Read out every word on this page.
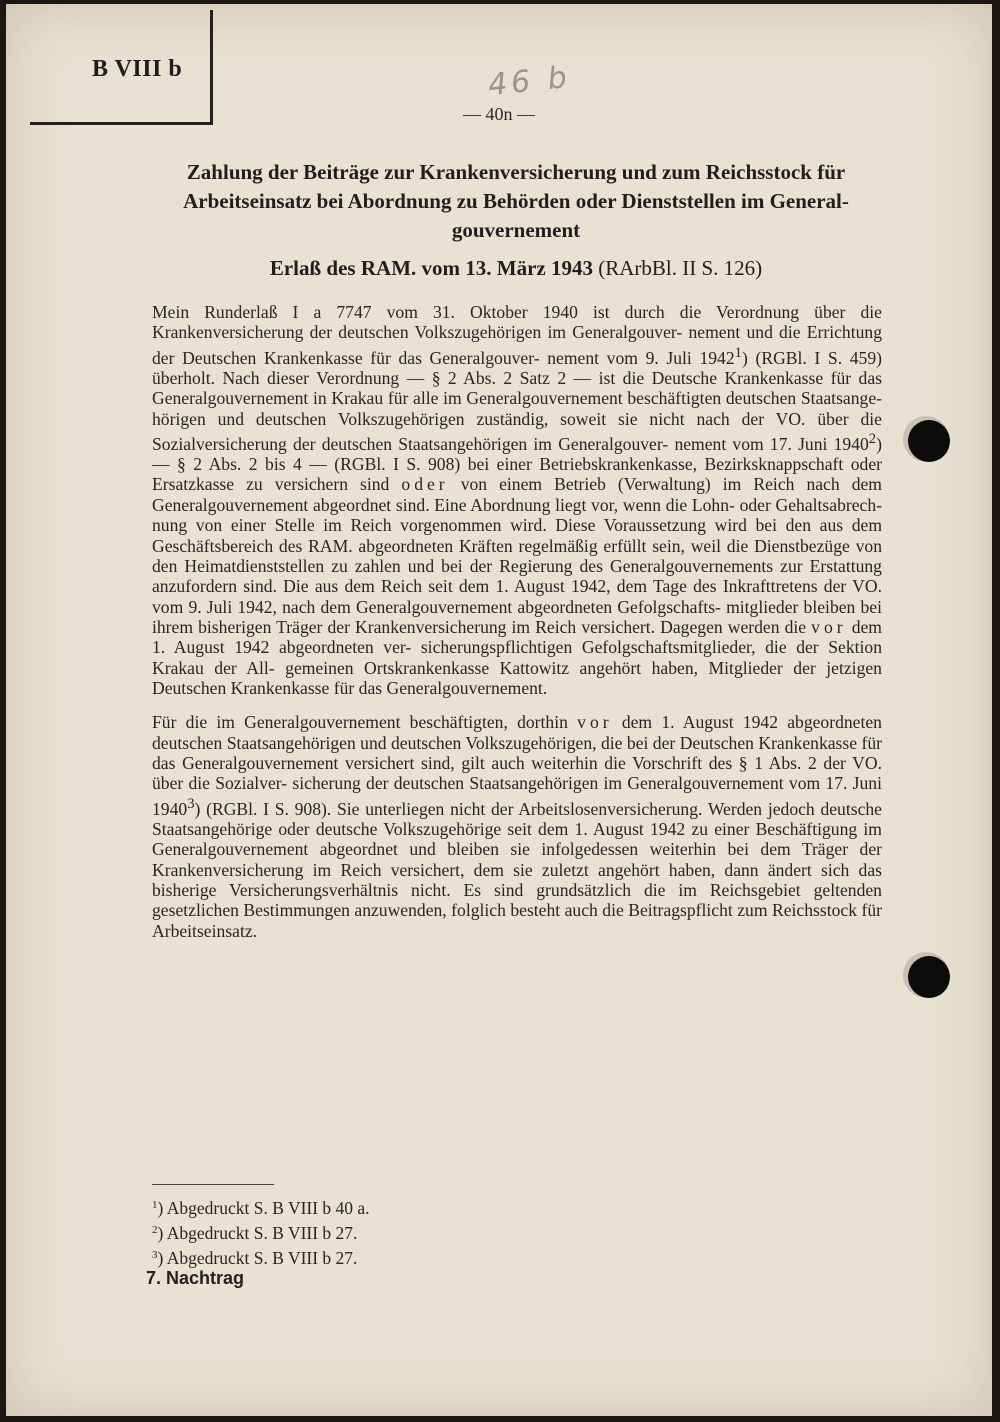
B VIII b	46 b
— 40n —
Zahlung der Beiträge zur Krankenversicherung und zum Reichsstock für
Arbeitseinsatz bei Abordnung zu Behörden oder Dienststellen im General-
gouvernement
Erlaß des RAM. vom 13. März 1943 (RArbBl. II S. 126)

Mein Runderlaß I a 7747 vom 31. Oktober 1940 ist durch die Verordnung über die Krankenversicherung der deutschen Volkszugehörigen im Generalgouver- nement und die Errichtung der Deutschen Krankenkasse für das Generalgouver- nement vom 9. Juli 1942$^1$) (RGBl. I S. 459) überholt. Nach dieser Verordnung — § 2 Abs. 2 Satz 2 — ist die Deutsche Krankenkasse für das Generalgouvernement in Krakau für alle im Generalgouvernement beschäftigten deutschen Staatsange- hörigen und deutschen Volkszugehörigen zuständig, soweit sie nicht nach der VO. über die Sozialversicherung der deutschen Staatsangehörigen im Generalgouver- nement vom 17. Juni 1940$^2$) — § 2 Abs. 2 bis 4 — (RGBl. I S. 908) bei einer Betriebskrankenkasse, Bezirksknappschaft oder Ersatzkasse zu versichern sind oder von einem Betrieb (Verwaltung) im Reich nach dem Generalgouvernement abgeordnet sind. Eine Abordnung liegt vor, wenn die Lohn- oder Gehaltsabrech- nung von einer Stelle im Reich vorgenommen wird. Diese Voraussetzung wird bei den aus dem Geschäftsbereich des RAM. abgeordneten Kräften regelmäßig erfüllt sein, weil die Dienstbezüge von den Heimatdienststellen zu zahlen und bei der Regierung des Generalgouvernements zur Erstattung anzufordern sind. Die aus dem Reich seit dem 1. August 1942, dem Tage des Inkrafttretens der VO. vom 9. Juli 1942, nach dem Generalgouvernement abgeordneten Gefolgschafts- mitglieder bleiben bei ihrem bisherigen Träger der Krankenversicherung im Reich versichert. Dagegen werden die vor dem 1. August 1942 abgeordneten ver- sicherungspflichtigen Gefolgschaftsmitglieder, die der Sektion Krakau der All- gemeinen Ortskrankenkasse Kattowitz angehört haben, Mitglieder der jetzigen Deutschen Krankenkasse für das Generalgouvernement.

Für die im Generalgouvernement beschäftigten, dorthin vor dem 1. August 1942 abgeordneten deutschen Staatsangehörigen und deutschen Volkszugehörigen, die bei der Deutschen Krankenkasse für das Generalgouvernement versichert sind, gilt auch weiterhin die Vorschrift des § 1 Abs. 2 der VO. über die Sozialver- sicherung der deutschen Staatsangehörigen im Generalgouvernement vom 17. Juni 1940$^3$) (RGBl. I S. 908). Sie unterliegen nicht der Arbeitslosenversicherung. Werden jedoch deutsche Staatsangehörige oder deutsche Volkszugehörige seit dem 1. August 1942 zu einer Beschäftigung im Generalgouvernement abgeordnet und bleiben sie infolgedessen weiterhin bei dem Träger der Krankenversicherung im Reich versichert, dem sie zuletzt angehört haben, dann ändert sich das bisherige Versicherungsverhältnis nicht. Es sind grundsätzlich die im Reichsgebiet geltenden gesetzlichen Bestimmungen anzuwenden, folglich besteht auch die Beitragspflicht zum Reichsstock für Arbeitseinsatz.

$^1$) Abgedruckt S. B VIII b 40 a.
$^2$) Abgedruckt S. B VIII b 27.
$^3$) Abgedruckt S. B VIII b 27.
7. Nachtrag
